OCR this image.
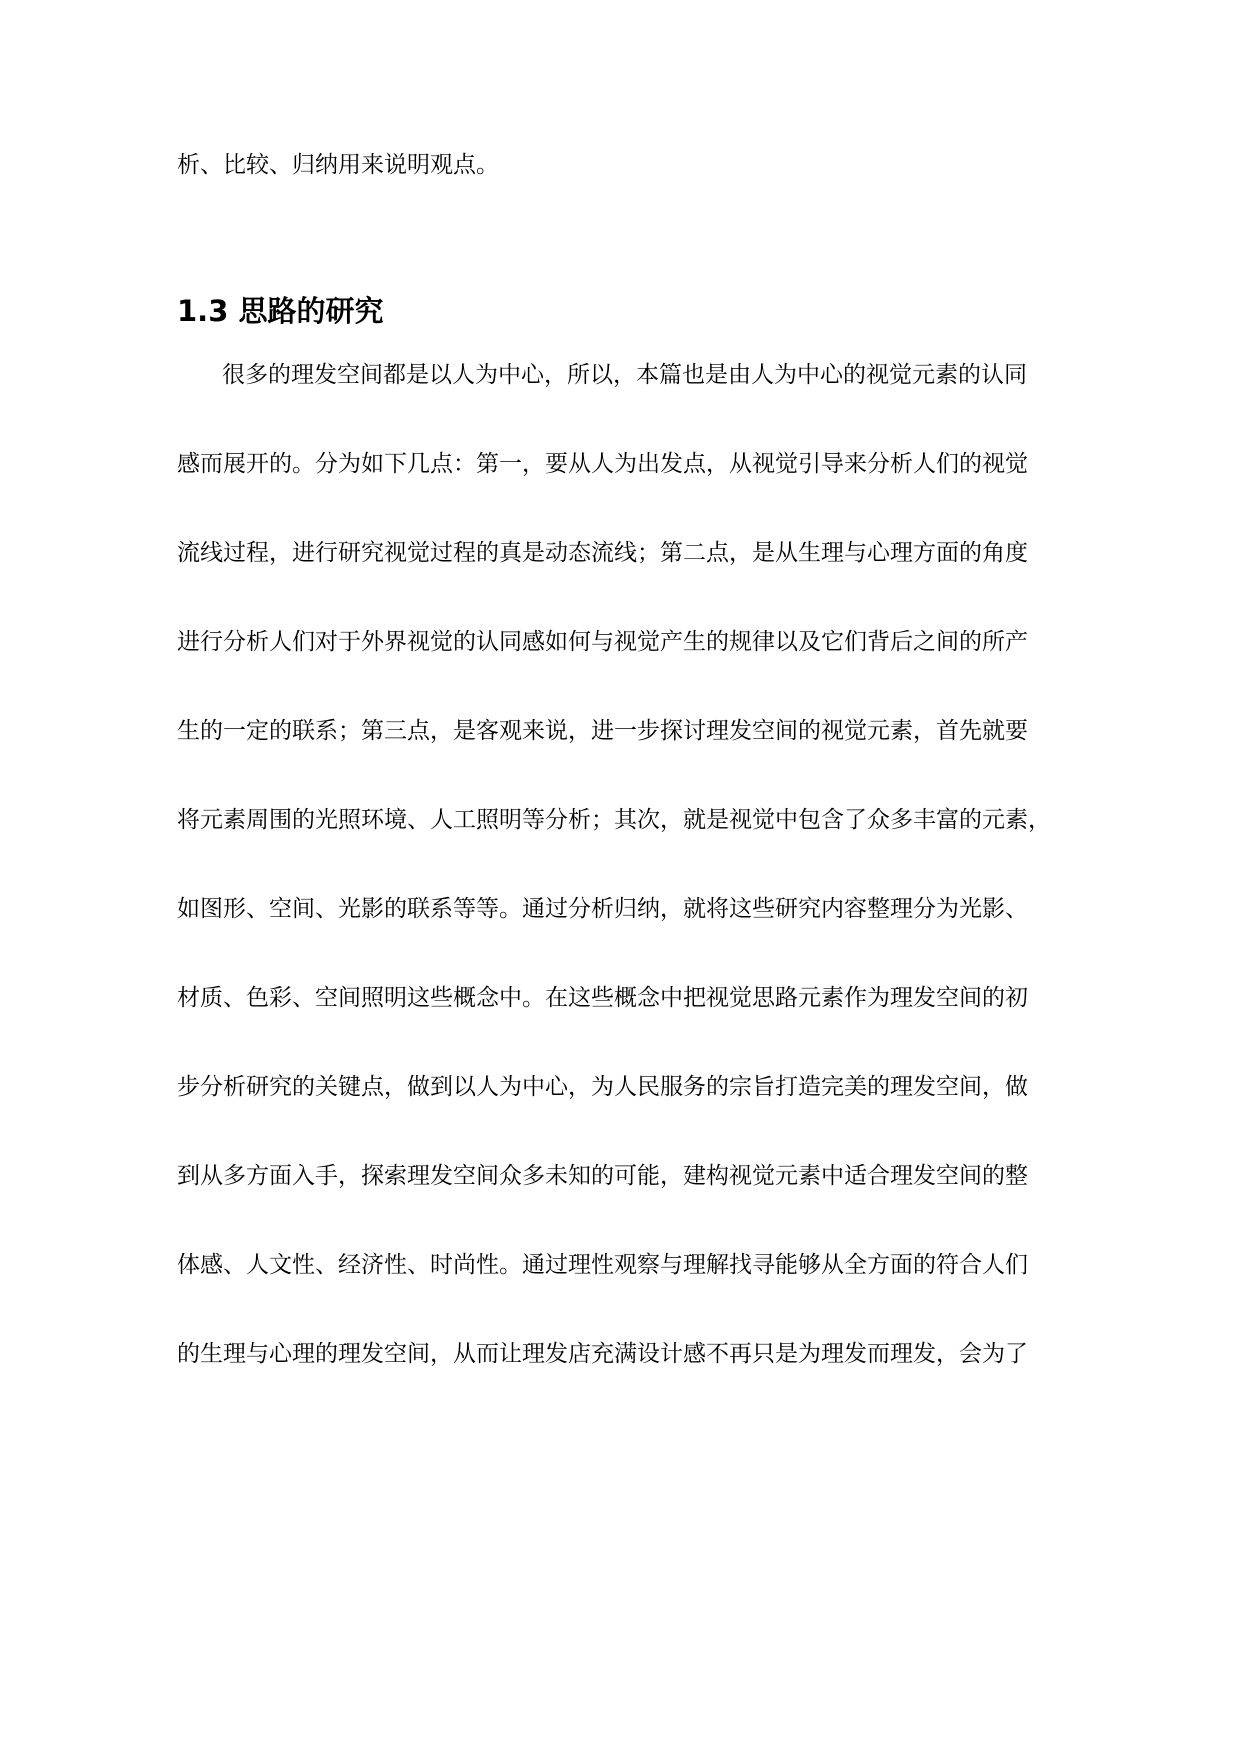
析、比较、归纳用来说明观点。
1.3 思路的研究
很多的理发空间都是以人为中心，所以，本篇也是由人为中心的视觉元素的认同
感而展开的。分为如下几点：第一，要从人为出发点，从视觉引导来分析人们的视觉
流线过程，进行研究视觉过程的真是动态流线；第二点，是从生理与心理方面的角度
进行分析人们对于外界视觉的认同感如何与视觉产生的规律以及它们背后之间的所产
生的一定的联系；第三点，是客观来说，进一步探讨理发空间的视觉元素，首先就要
将元素周围的光照环境、人工照明等分析；其次，就是视觉中包含了众多丰富的元素，
如图形、空间、光影的联系等等。通过分析归纳，就将这些研究内容整理分为光影、
材质、色彩、空间照明这些概念中。在这些概念中把视觉思路元素作为理发空间的初
步分析研究的关键点，做到以人为中心，为人民服务的宗旨打造完美的理发空间，做
到从多方面入手，探索理发空间众多未知的可能，建构视觉元素中适合理发空间的整
体感、人文性、经济性、时尚性。通过理性观察与理解找寻能够从全方面的符合人们
的生理与心理的理发空间，从而让理发店充满设计感不再只是为理发而理发，会为了
